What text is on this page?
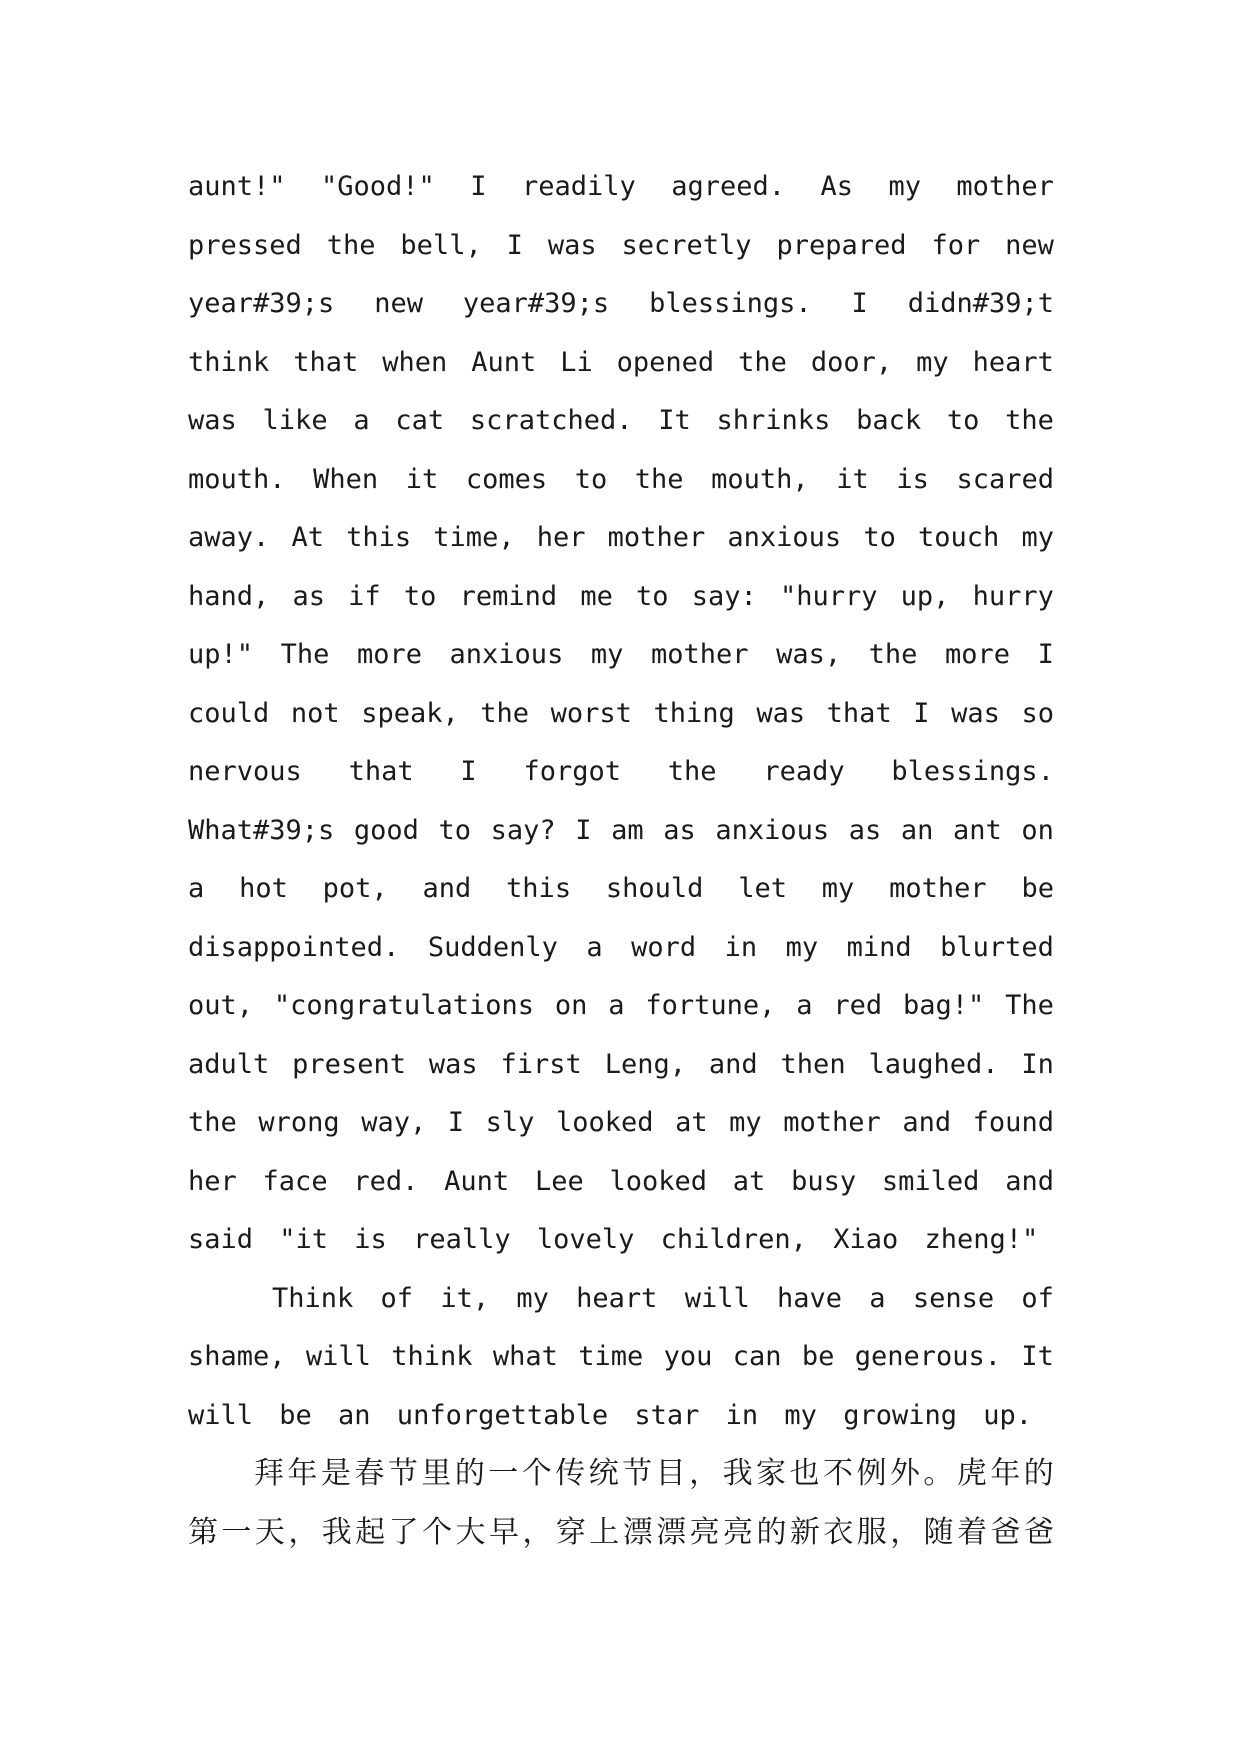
aunt!" "Good!" I readily agreed. As my mother
pressed the bell, I was secretly prepared for new
year#39;s new year#39;s blessings. I didn#39;t
think that when Aunt Li opened the door, my heart
was like a cat scratched. It shrinks back to the
mouth. When it comes to the mouth, it is scared
away. At this time, her mother anxious to touch my
hand, as if to remind me to say: "hurry up, hurry
up!" The more anxious my mother was, the more I
could not speak, the worst thing was that I was so
nervous that I forgot the ready blessings.
What#39;s good to say? I am as anxious as an ant on
a hot pot, and this should let my mother be
disappointed. Suddenly a word in my mind blurted
out, "congratulations on a fortune, a red bag!" The
adult present was first Leng, and then laughed. In
the wrong way, I sly looked at my mother and found
her face red. Aunt Lee looked at busy smiled and
said "it is really lovely children, Xiao zheng!"
Think of it, my heart will have a sense of
shame, will think what time you can be generous. It
will be an unforgettable star in my growing up.
拜 年 是 春 节 里 的 一 个 传 统 节 目 ， 我 家 也 不 例 外 。 虎 年 的
第 一 天 ， 我 起 了 个 大 早 ， 穿 上 漂 漂 亮 亮 的 新 衣 服 ， 随 着 爸 爸
